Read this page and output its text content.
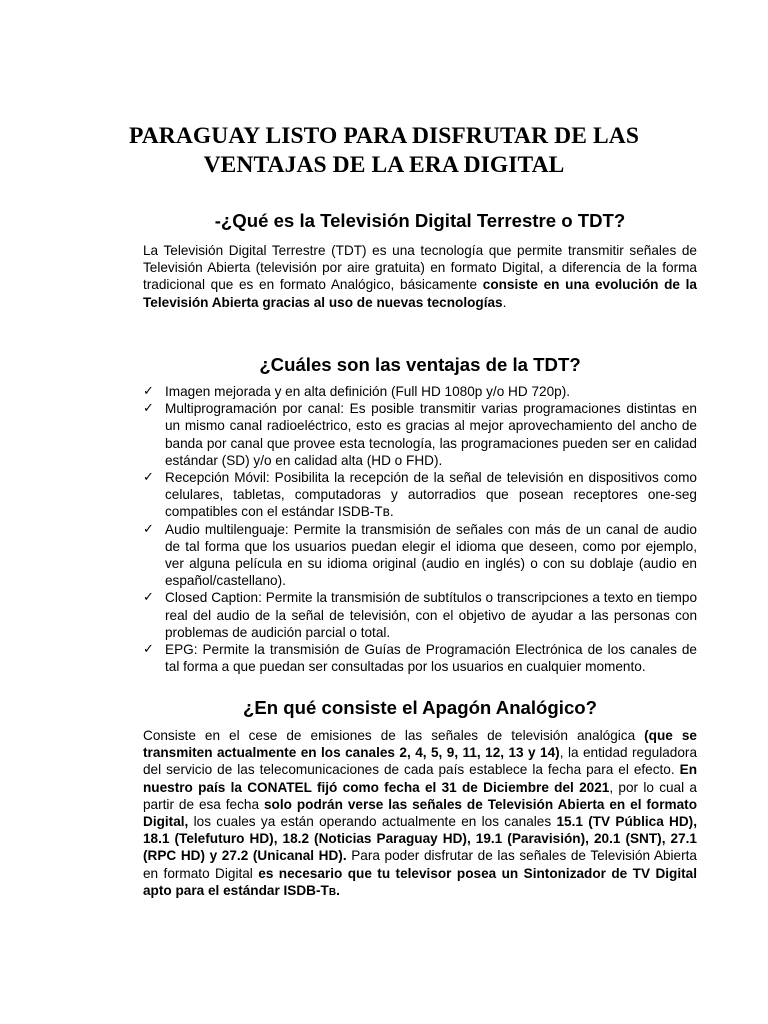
PARAGUAY LISTO PARA DISFRUTAR DE LAS VENTAJAS DE LA ERA DIGITAL
-¿Qué es la Televisión Digital Terrestre o TDT?
La Televisión Digital Terrestre (TDT) es una tecnología que permite transmitir señales de Televisión Abierta (televisión por aire gratuita) en formato Digital, a diferencia de la forma tradicional que es en formato Analógico, básicamente consiste en una evolución de la Televisión Abierta gracias al uso de nuevas tecnologías.
¿Cuáles son las ventajas de la TDT?
✓ Imagen mejorada y en alta definición (Full HD 1080p y/o HD 720p).
✓ Multiprogramación por canal: Es posible transmitir varias programaciones distintas en un mismo canal radioeléctrico, esto es gracias al mejor aprovechamiento del ancho de banda por canal que provee esta tecnología, las programaciones pueden ser en calidad estándar (SD) y/o en calidad alta (HD o FHD).
✓ Recepción Móvil: Posibilita la recepción de la señal de televisión en dispositivos como celulares, tabletas, computadoras y autorradios que posean receptores one-seg compatibles con el estándar ISDB-Tʙ.
✓ Audio multilenguaje: Permite la transmisión de señales con más de un canal de audio de tal forma que los usuarios puedan elegir el idioma que deseen, como por ejemplo, ver alguna película en su idioma original (audio en inglés) o con su doblaje (audio en español/castellano).
✓ Closed Caption: Permite la transmisión de subtítulos o transcripciones a texto en tiempo real del audio de la señal de televisión, con el objetivo de ayudar a las personas con problemas de audición parcial o total.
✓ EPG: Permite la transmisión de Guías de Programación Electrónica de los canales de tal forma a que puedan ser consultadas por los usuarios en cualquier momento.
¿En qué consiste el Apagón Analógico?
Consiste en el cese de emisiones de las señales de televisión analógica (que se transmiten actualmente en los canales 2, 4, 5, 9, 11, 12, 13 y 14), la entidad reguladora del servicio de las telecomunicaciones de cada país establece la fecha para el efecto. En nuestro país la CONATEL fijó como fecha el 31 de Diciembre del 2021, por lo cual a partir de esa fecha solo podrán verse las señales de Televisión Abierta en el formato Digital, los cuales ya están operando actualmente en los canales 15.1 (TV Pública HD), 18.1 (Telefuturo HD), 18.2 (Noticias Paraguay HD), 19.1 (Paravisión), 20.1 (SNT), 27.1 (RPC HD) y 27.2 (Unicanal HD). Para poder disfrutar de las señales de Televisión Abierta en formato Digital es necesario que tu televisor posea un Sintonizador de TV Digital apto para el estándar ISDB-TB.
